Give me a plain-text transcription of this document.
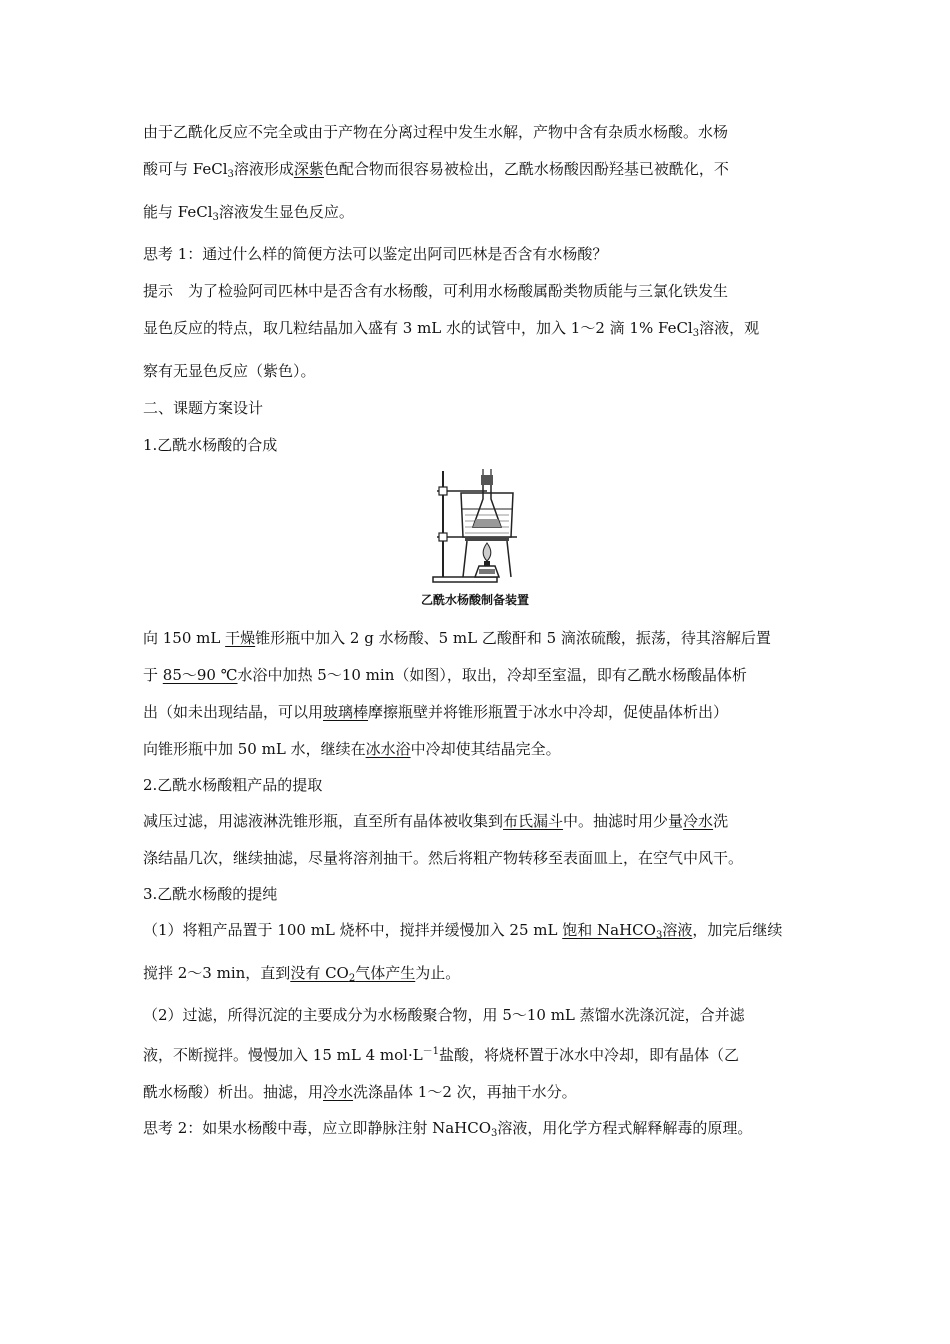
由于乙酰化反应不完全或由于产物在分离过程中发生水解，产物中含有杂质水杨酸。水杨
酸可与 FeCl$_3$溶液形成深紫色配合物而很容易被检出，乙酰水杨酸因酚羟基已被酰化，不
能与 FeCl$_3$溶液发生显色反应。
思考 1：通过什么样的简便方法可以鉴定出阿司匹林是否含有水杨酸？
提示　为了检验阿司匹林中是否含有水杨酸，可利用水杨酸属酚类物质能与三氯化铁发生
显色反应的特点，取几粒结晶加入盛有 3 mL 水的试管中，加入 1～2 滴 1% FeCl$_3$溶液，观
察有无显色反应（紫色）。
二、课题方案设计
1.乙酰水杨酸的合成
乙酰水杨酸制备装置
向 150 mL 干燥锥形瓶中加入 2 g 水杨酸、5 mL 乙酸酐和 5 滴浓硫酸，振荡，待其溶解后置
于 85～90 ℃水浴中加热 5～10 min（如图），取出，冷却至室温，即有乙酰水杨酸晶体析
出（如未出现结晶，可以用玻璃棒摩擦瓶壁并将锥形瓶置于冰水中冷却，促使晶体析出）
向锥形瓶中加 50 mL 水，继续在冰水浴中冷却使其结晶完全。
2.乙酰水杨酸粗产品的提取
减压过滤，用滤液淋洗锥形瓶，直至所有晶体被收集到布氏漏斗中。抽滤时用少量冷水洗
涤结晶几次，继续抽滤，尽量将溶剂抽干。然后将粗产物转移至表面皿上，在空气中风干。
3.乙酰水杨酸的提纯
（1）将粗产品置于 100 mL 烧杯中，搅拌并缓慢加入 25 mL 饱和 NaHCO$_3$溶液，加完后继续
搅拌 2～3 min，直到没有 $CO_2$气体产生为止。
（2）过滤，所得沉淀的主要成分为水杨酸聚合物，用 5～10 mL 蒸馏水洗涤沉淀，合并滤
液，不断搅拌。慢慢加入 15 mL 4 $mol\cdot L^{-1}$盐酸，将烧杯置于冰水中冷却，即有晶体（乙
酰水杨酸）析出。抽滤，用冷水洗涤晶体 1～2 次，再抽干水分。
思考 2：如果水杨酸中毒，应立即静脉注射 NaHCO$_3$溶液，用化学方程式解释解毒的原理。
